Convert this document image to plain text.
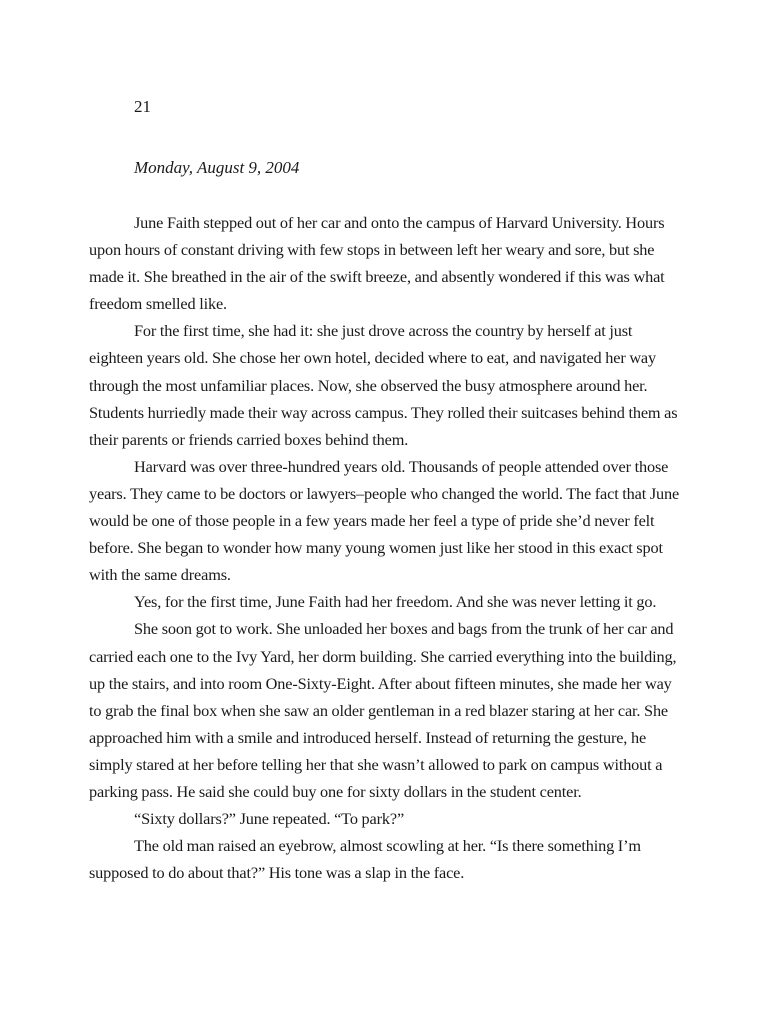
21
Monday, August 9, 2004

June Faith stepped out of her car and onto the campus of Harvard University. Hours upon hours of constant driving with few stops in between left her weary and sore, but she made it. She breathed in the air of the swift breeze, and absently wondered if this was what freedom smelled like.

For the first time, she had it: she just drove across the country by herself at just eighteen years old. She chose her own hotel, decided where to eat, and navigated her way through the most unfamiliar places. Now, she observed the busy atmosphere around her. Students hurriedly made their way across campus. They rolled their suitcases behind them as their parents or friends carried boxes behind them.

Harvard was over three-hundred years old. Thousands of people attended over those years. They came to be doctors or lawyers–people who changed the world. The fact that June would be one of those people in a few years made her feel a type of pride she’d never felt before. She began to wonder how many young women just like her stood in this exact spot with the same dreams.

Yes, for the first time, June Faith had her freedom. And she was never letting it go.

She soon got to work. She unloaded her boxes and bags from the trunk of her car and carried each one to the Ivy Yard, her dorm building. She carried everything into the building, up the stairs, and into room One-Sixty-Eight. After about fifteen minutes, she made her way to grab the final box when she saw an older gentleman in a red blazer staring at her car. She approached him with a smile and introduced herself. Instead of returning the gesture, he simply stared at her before telling her that she wasn’t allowed to park on campus without a parking pass. He said she could buy one for sixty dollars in the student center.

“Sixty dollars?” June repeated. “To park?”

The old man raised an eyebrow, almost scowling at her. “Is there something I’m supposed to do about that?” His tone was a slap in the face.
